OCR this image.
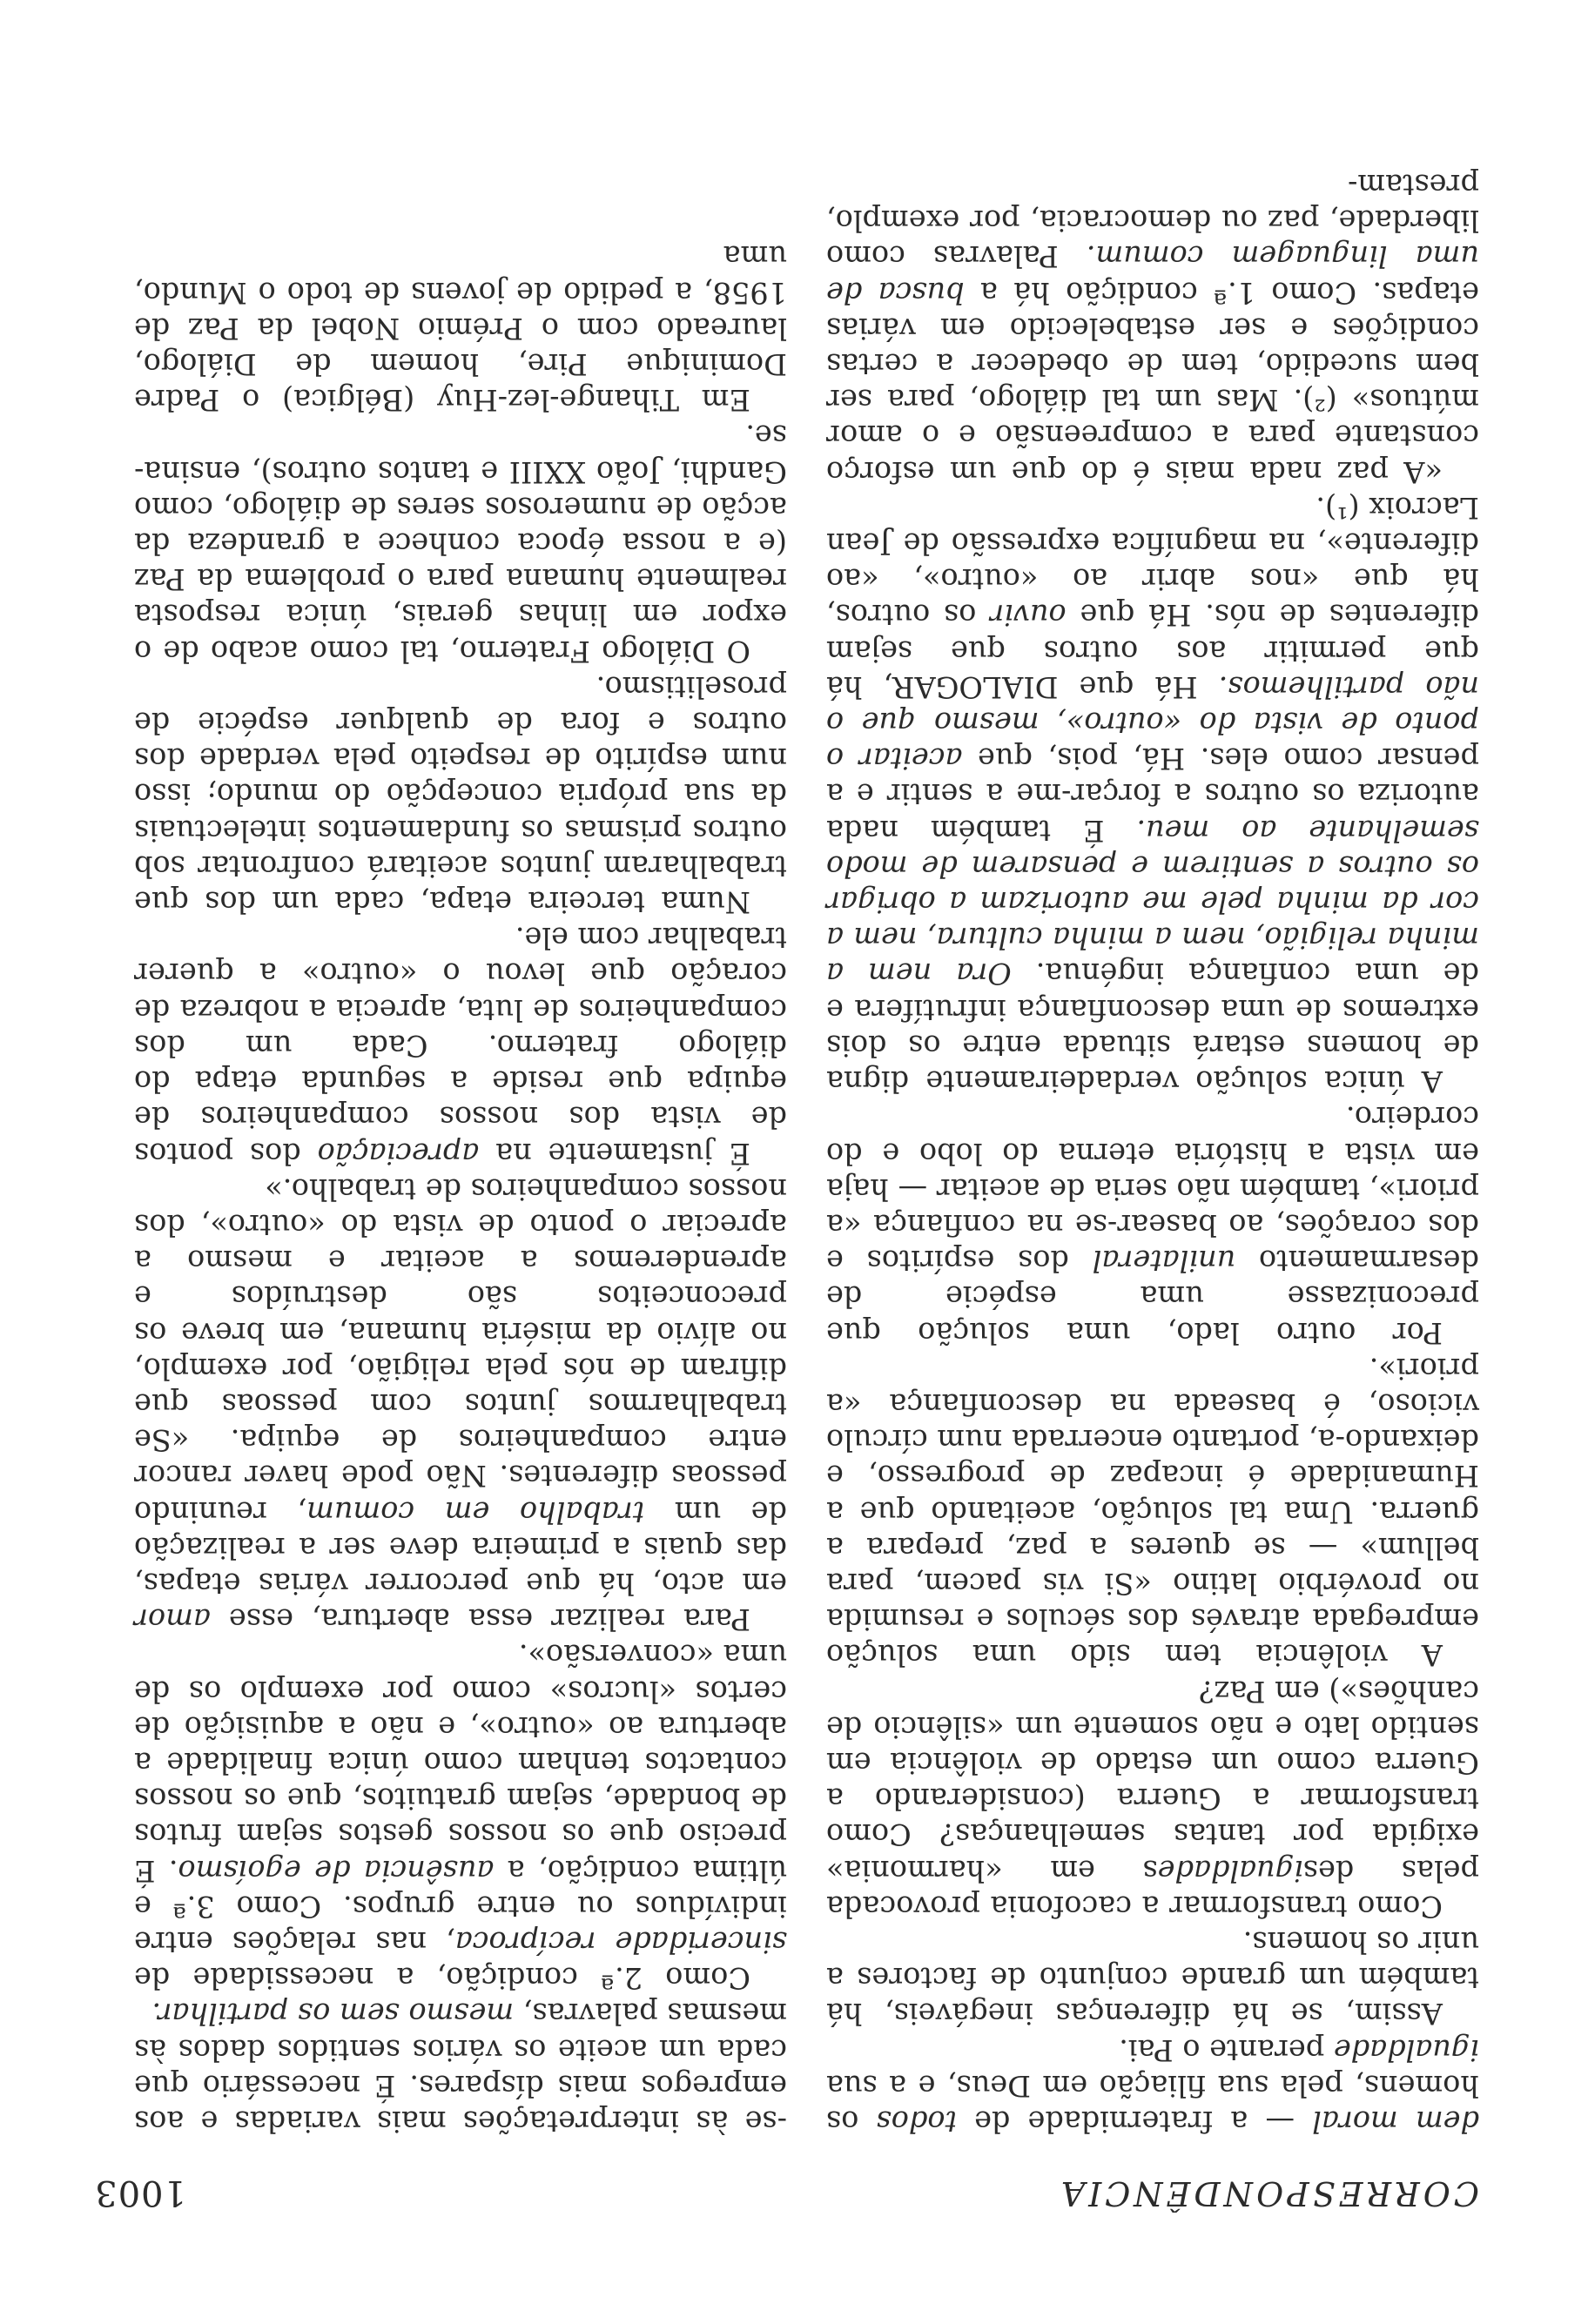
CORRESPONDÊNCIA
1003

dem moral — a fraternidade de todos os homens, pela sua filiação em Deus, e a sua igualdade perante o Pai.

Assim, se há diferenças inegáveis, há também um grande conjunto de factores a unir os homens.

Como transformar a cacofonia provocada pelas desigualdades em «harmonia» exigida por tantas semelhanças? Como transformar a Guerra (considerando a Guerra como um estado de violência em sentido lato e não somente um «silêncio de canhões») em Paz?

A violência tem sido uma solução empregada através dos séculos e resumida no provérbio latino «Si vis pacem, para bellum» — se queres a paz, prepara a guerra. Uma tal solução, aceitando que a Humanidade é incapaz de progresso, e deixando-a, portanto encerrada num círculo vicioso, é baseada na desconfiança «a priori».

Por outro lado, uma solução que preconizasse uma espécie de desarmamento unilateral dos espíritos e dos corações, ao basear-se na confiança «a priori», também não seria de aceitar — haja em vista a história eterna do lobo e do cordeiro.

A única solução verdadeiramente digna de homens estará situada entre os dois extremos de uma desconfiança infrutífera e de uma confiança ingénua. Ora nem a minha religião, nem a minha cultura, nem a cor da minha pele me autorizam a obrigar os outros a sentirem e pensarem de modo semelhante ao meu. É também nada autoriza os outros a forçar-me a sentir e a pensar como eles. Há, pois, que aceitar o ponto de vista do «outro», mesmo que o não partilhemos. Há que DIALOGAR, há que permitir aos outros que sejam diferentes de nós. Há que ouvir os outros, há que «nos abrir ao «outro», «ao diferente», na magnífica expressão de Jean Lacroix (¹).

«A paz nada mais é do que um esforço constante para a compreensão e o amor mútuos» (²). Mas um tal diálogo, para ser bem sucedido, tem de obedecer a certas condições e ser estabelecido em várias etapas. Como 1.ª condição há a busca de uma linguagem comum. Palavras como liberdade, paz ou democracia, por exemplo, prestam-

-se às interpretações mais variadas e aos empregos mais díspares. É necessário que cada um aceite os vários sentidos dados às mesmas palavras, mesmo sem os partilhar.

Como 2.ª condição, a necessidade de sinceridade recíproca, nas relações entre indivíduos ou entre grupos. Como 3.ª e última condição, a ausência de egoísmo. É preciso que os nossos gestos sejam frutos de bondade, sejam gratuitos, que os nossos contactos tenham como única finalidade a abertura ao «outro», e não a aquisição de certos «lucros» como por exemplo os de uma «conversão».

Para realizar essa abertura, esse amor em acto, há que percorrer várias etapas, das quais a primeira deve ser a realização de um trabalho em comum, reunindo pessoas diferentes. Não pode haver rancor entre companheiros de equipa. «Se trabalharmos juntos com pessoas que difiram de nós pela religião, por exemplo, no alívio da miséria humana, em breve os preconceitos são destruídos e aprenderemos a aceitar e mesmo a apreciar o ponto de vista do «outro», dos nossos companheiros de trabalho.»

É justamente na apreciação dos pontos de vista dos nossos companheiros de equipa que reside a segunda etapa do diálogo fraterno. Cada um dos companheiros de luta, aprecia a nobreza de coração que levou o «outro» a querer trabalhar com ele.

Numa terceira etapa, cada um dos que trabalharam juntos aceitará confrontar sob outros prismas os fundamentos intelectuais da sua própria concepção do mundo; isso num espírito de respeito pela verdade dos outros e fora de qualquer espécie de proselitismo.

O Diálogo Fraterno, tal como acabo de o expor em linhas gerais, única resposta realmente humana para o problema da Paz (e a nossa época conhece a grandeza da acção de numerosos seres de diálogo, como Gandhi, João XXIII e tantos outros), ensina-se.

Em Tihange-lez-Huy (Bélgica) o Padre Dominique Pire, homem de Diálogo, laureado com o Prémio Nobel da Paz de 1958, a pedido de jovens de todo o Mundo, uma
